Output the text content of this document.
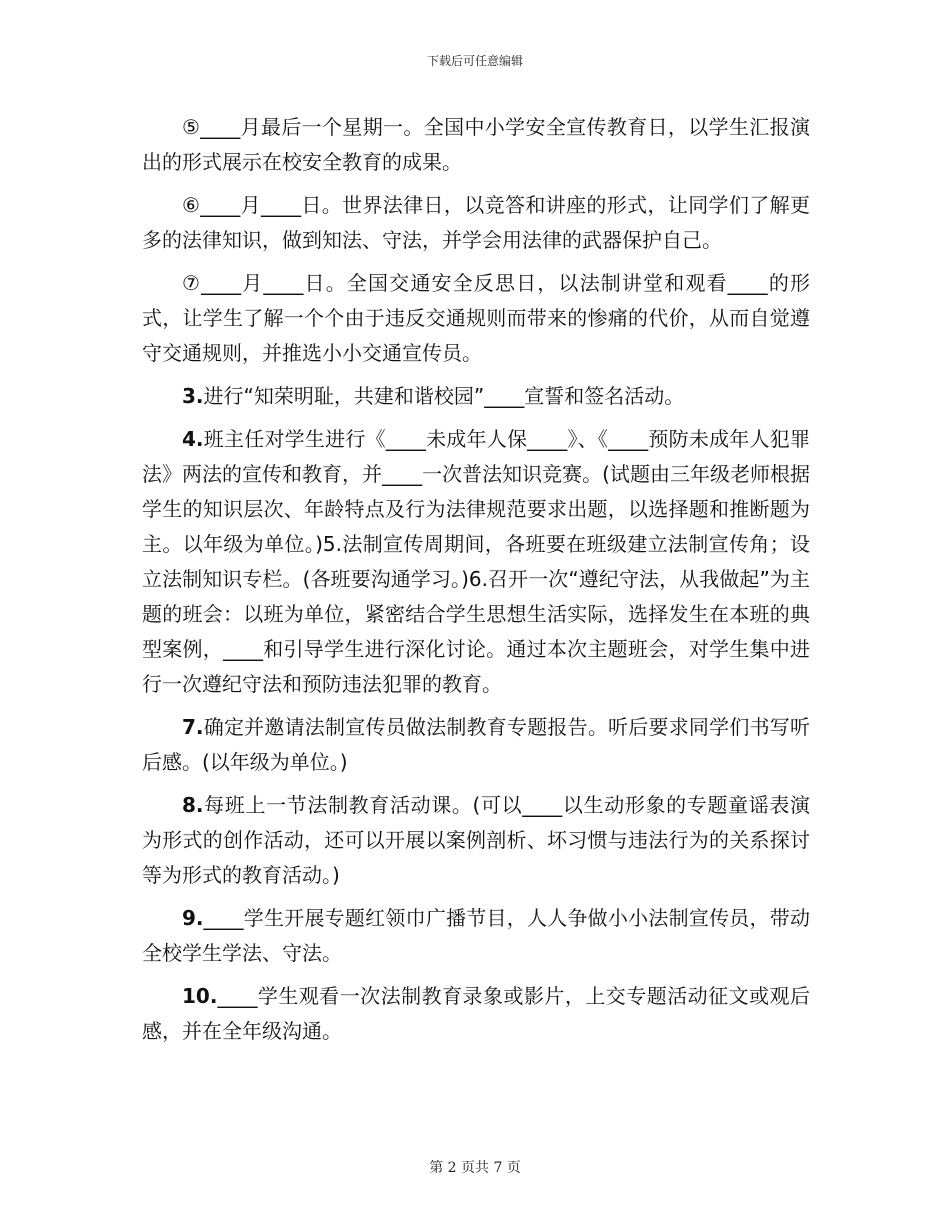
下载后可任意编辑

⑤____月最后一个星期一。全国中小学安全宣传教育日，以学生汇报演出的形式展示在校安全教育的成果。

⑥____月____日。世界法律日，以竞答和讲座的形式，让同学们了解更多的法律知识，做到知法、守法，并学会用法律的武器保护自己。

⑦____月____日。全国交通安全反思日，以法制讲堂和观看____的形式，让学生了解一个个由于违反交通规则而带来的惨痛的代价，从而自觉遵守交通规则，并推选小小交通宣传员。

3.进行“知荣明耻，共建和谐校园”____宣誓和签名活动。

4.班主任对学生进行《____未成年人保____》、《____预防未成年人犯罪法》两法的宣传和教育，并____一次普法知识竞赛。(试题由三年级老师根据学生的知识层次、年龄特点及行为法律规范要求出题，以选择题和推断题为主。以年级为单位。)5.法制宣传周期间，各班要在班级建立法制宣传角；设立法制知识专栏。(各班要沟通学习。)6.召开一次“遵纪守法，从我做起”为主题的班会：以班为单位，紧密结合学生思想生活实际，选择发生在本班的典型案例，____和引导学生进行深化讨论。通过本次主题班会，对学生集中进行一次遵纪守法和预防违法犯罪的教育。

7.确定并邀请法制宣传员做法制教育专题报告。听后要求同学们书写听后感。(以年级为单位。)

8.每班上一节法制教育活动课。(可以____以生动形象的专题童谣表演为形式的创作活动，还可以开展以案例剖析、坏习惯与违法行为的关系探讨等为形式的教育活动。)

9.____学生开展专题红领巾广播节目，人人争做小小法制宣传员，带动全校学生学法、守法。

10.____学生观看一次法制教育录象或影片，上交专题活动征文或观后感，并在全年级沟通。

第 2 页共 7 页
